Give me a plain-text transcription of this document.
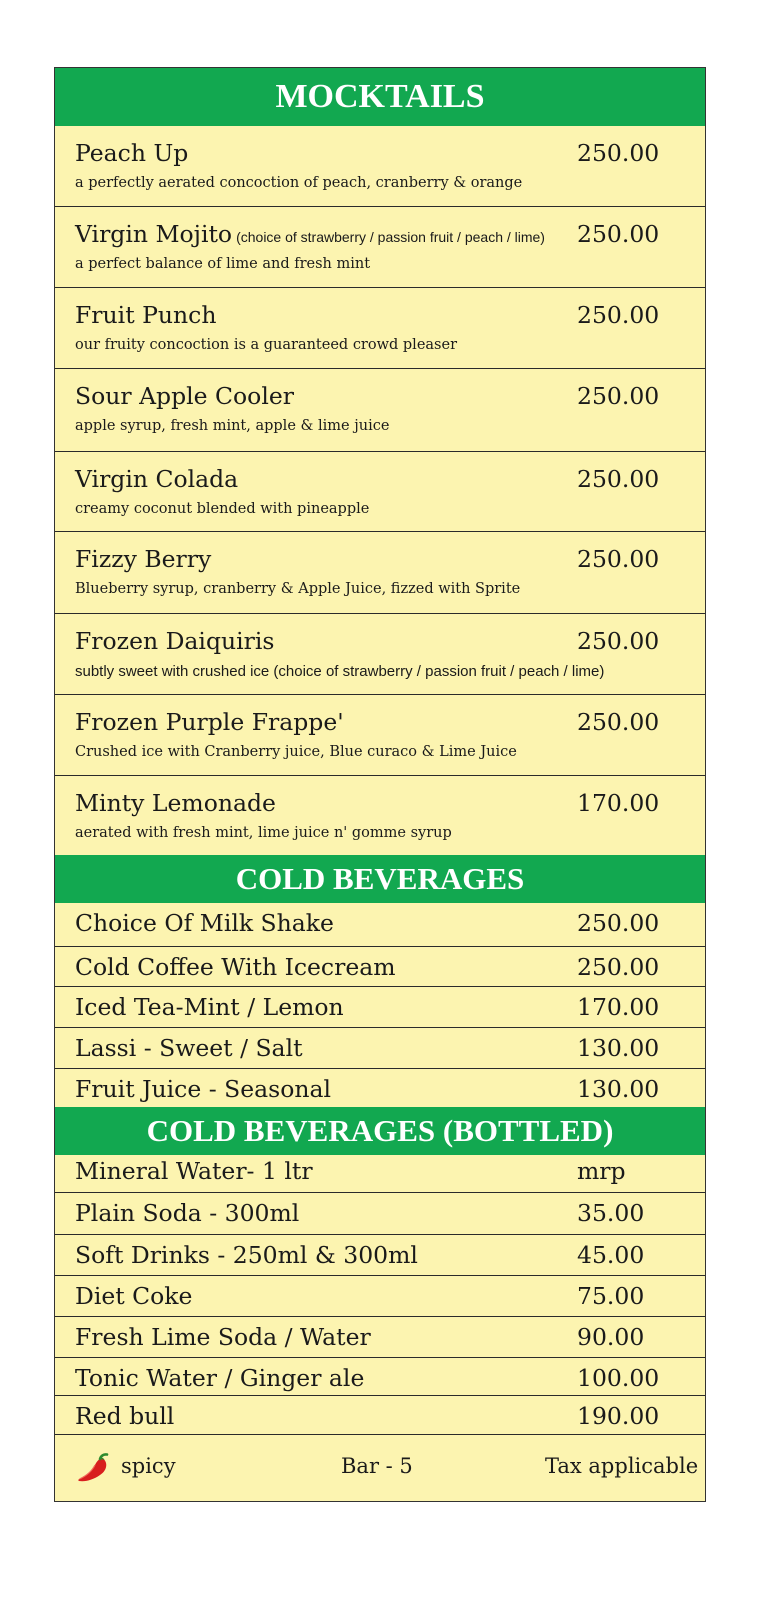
MOCKTAILS
Peach Up	250.00
a perfectly aerated concoction of peach, cranberry & orange
Virgin Mojito (choice of strawberry / passion fruit / peach / lime) 250.00
a perfect balance of lime and fresh mint
Fruit Punch	250.00
our fruity concoction is a guaranteed crowd pleaser
Sour Apple Cooler	250.00
apple syrup, fresh mint, apple & lime juice
Virgin Colada	250.00
creamy coconut blended with pineapple
Fizzy Berry	250.00
Blueberry syrup, cranberry & Apple Juice, fizzed with Sprite
Frozen Daiquiris	250.00
subtly sweet with crushed ice (choice of strawberry / passion fruit / peach / lime)
Frozen Purple Frappe'	250.00
Crushed ice with Cranberry juice, Blue curaco & Lime Juice
Minty Lemonade	170.00
aerated with fresh mint, lime juice n' gomme syrup
COLD BEVERAGES
Choice Of Milk Shake	250.00
Cold Coffee With Icecream	250.00
Iced Tea-Mint / Lemon	170.00
Lassi - Sweet / Salt	130.00
Fruit Juice - Seasonal	130.00
COLD BEVERAGES (BOTTLED)
Mineral Water- 1 ltr	mrp
Plain Soda - 300ml	35.00
Soft Drinks - 250ml & 300ml	45.00
Diet Coke	75.00
Fresh Lime Soda / Water	90.00
Tonic Water / Ginger ale	100.00
Red bull	190.00
spicy	Bar - 5	Tax applicable
